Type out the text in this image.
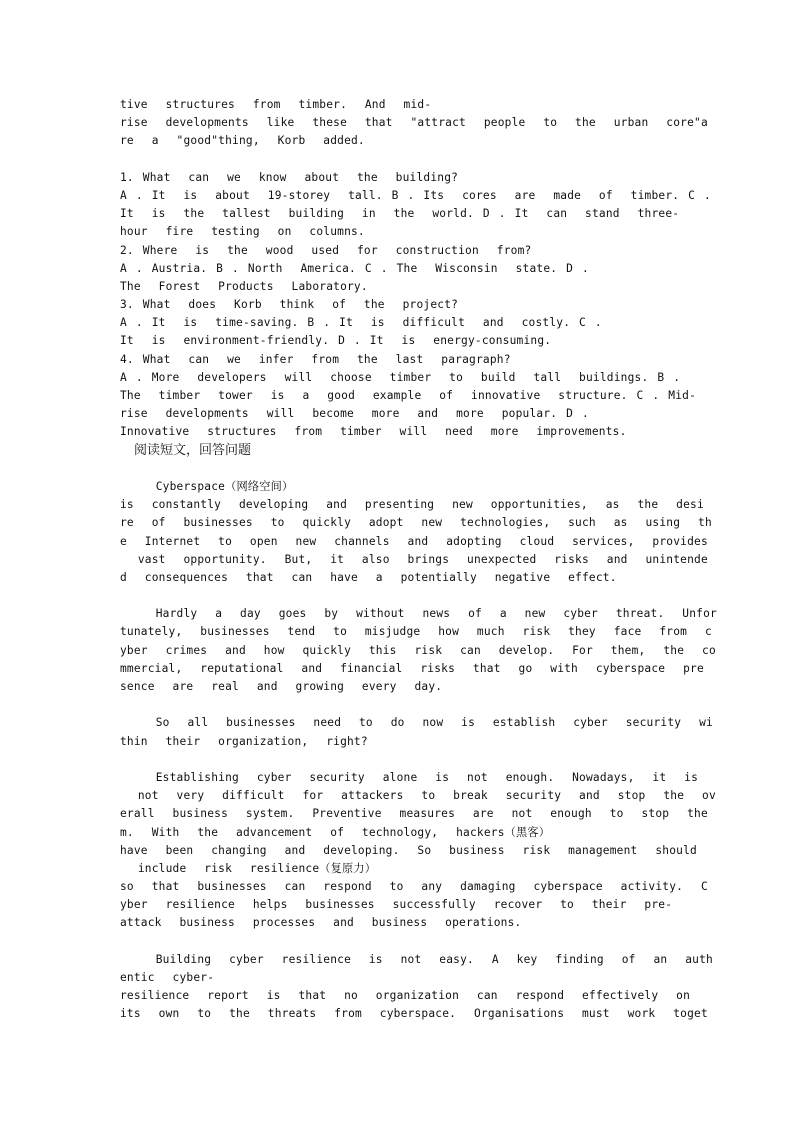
tive  structures  from  timber.  And  mid-
rise  developments  like  these  that  "attract  people  to  the  urban  core"a
re  a  "good"thing,  Korb  added.
1. What  can  we  know  about  the  building?
A . It  is  about  19-storey  tall. B . Its  cores  are  made  of  timber. C .
It  is  the  tallest  building  in  the  world. D . It  can  stand  three-
hour  fire  testing  on  columns.
2. Where  is  the  wood  used  for  construction  from?
A . Austria. B . North  America. C . The  Wisconsin  state. D .
The  Forest  Products  Laboratory.
3. What  does  Korb  think  of  the  project?
A . It  is  time-saving. B . It  is  difficult  and  costly. C .
It  is  environment-friendly. D . It  is  energy-consuming.
4. What  can  we  infer  from  the  last  paragraph?
A . More  developers  will  choose  timber  to  build  tall  buildings. B .
The  timber  tower  is  a  good  example  of  innovative  structure. C . Mid-
rise  developments  will  become  more  and  more  popular. D .
Innovative  structures  from  timber  will  need  more  improvements.
阅读短文，回答问题
Cyberspace（网络空间）
is  constantly  developing  and  presenting  new  opportunities,  as  the  desi
re  of  businesses  to  quickly  adopt  new  technologies,  such  as  using  th
e  Internet  to  open  new  channels  and  adopting  cloud  services,  provides
vast  opportunity.  But,  it  also  brings  unexpected  risks  and  unintende
d  consequences  that  can  have  a  potentially  negative  effect.
Hardly  a  day  goes  by  without  news  of  a  new  cyber  threat.  Unfor
tunately,  businesses  tend  to  misjudge  how  much  risk  they  face  from  c
yber  crimes  and  how  quickly  this  risk  can  develop.  For  them,  the  co
mmercial,  reputational  and  financial  risks  that  go  with  cyberspace  pre
sence  are  real  and  growing  every  day.
So  all  businesses  need  to  do  now  is  establish  cyber  security  wi
thin  their  organization,  right?
Establishing  cyber  security  alone  is  not  enough.  Nowadays,  it  is
not  very  difficult  for  attackers  to  break  security  and  stop  the  ov
erall  business  system.  Preventive  measures  are  not  enough  to  stop  the
m.  With  the  advancement  of  technology,  hackers（黑客）
have  been  changing  and  developing.  So  business  risk  management  should
include  risk  resilience（复原力）
so  that  businesses  can  respond  to  any  damaging  cyberspace  activity.  C
yber  resilience  helps  businesses  successfully  recover  to  their  pre-
attack  business  processes  and  business  operations.
Building  cyber  resilience  is  not  easy.  A  key  finding  of  an  auth
entic  cyber-
resilience  report  is  that  no  organization  can  respond  effectively  on
its  own  to  the  threats  from  cyberspace.  Organisations  must  work  toget
